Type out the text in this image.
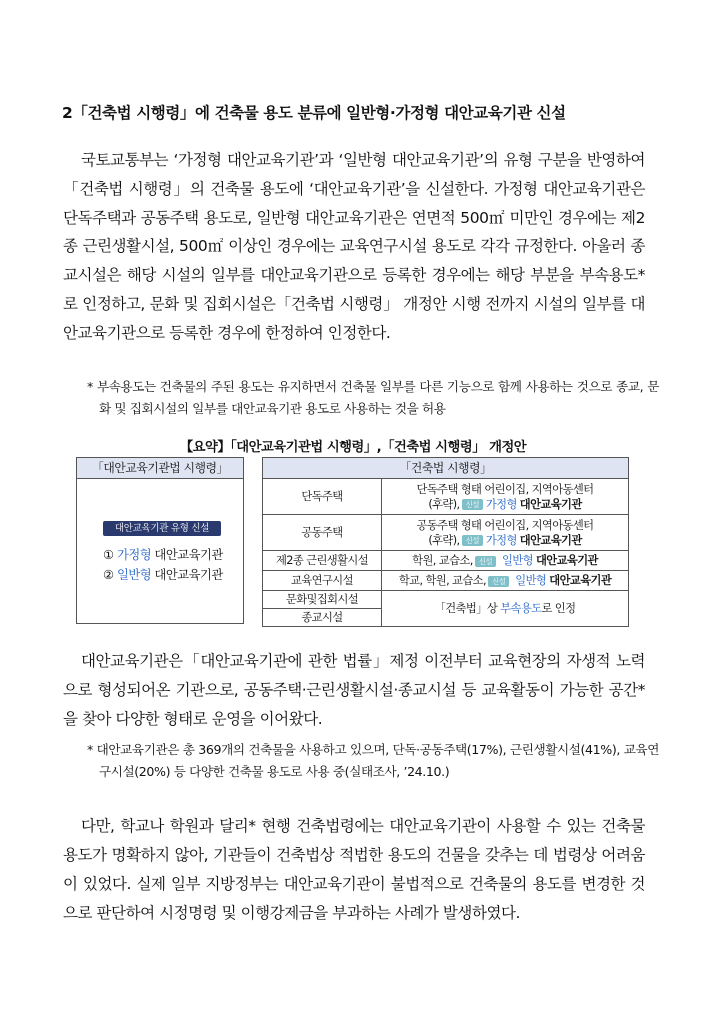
2「건축법 시행령」에 건축물 용도 분류에 일반형·가정형 대안교육기관 신설
국토교통부는 ‘가정형 대안교육기관’과 ‘일반형 대안교육기관’의 유형 구분을 반영하여「건축법 시행령」의 건축물 용도에 ‘대안교육기관’을 신설한다. 가정형 대안교육기관은 단독주택과 공동주택 용도로, 일반형 대안교육기관은 연면적 500㎡ 미만인 경우에는 제2종 근린생활시설, 500㎡ 이상인 경우에는 교육연구시설 용도로 각각 규정한다. 아울러 종교시설은 해당 시설의 일부를 대안교육기관으로 등록한 경우에는 해당 부분을 부속용도*로 인정하고, 문화 및 집회시설은「건축법 시행령」 개정안 시행 전까지 시설의 일부를 대안교육기관으로 등록한 경우에 한정하여 인정한다.
* 부속용도는 건축물의 주된 용도는 유지하면서 건축물 일부를 다른 기능으로 함께 사용하는 것으로 종교, 문화 및 집회시설의 일부를 대안교육기관 용도로 사용하는 것을 허용
【요약】「대안교육기관법 시행령」,「건축법 시행령」 개정안
「대안교육기관법 시행령」
대안교육기관 유형 신설
① 가정형 대안교육기관
② 일반형 대안교육기관
「건축법 시행령」
단독주택	단독주택 형태 어린이집, 지역아동센터
(후략), 신설 가정형 대안교육기관

공동주택	공동주택 형태 어린이집, 지역아동센터
(후략), 신설 가정형 대안교육기관

제2종 근린생활시설	학원, 교습소, 신설 일반형 대안교육기관
교육연구시설	학교, 학원, 교습소, 신설 일반형 대안교육기관
문화및집회시설	「건축법」상 부속용도로 인정
종교시설	
대안교육기관은「대안교육기관에 관한 법률」제정 이전부터 교육현장의 자생적 노력으로 형성되어온 기관으로, 공동주택·근린생활시설·종교시설 등 교육활동이 가능한 공간*을 찾아 다양한 형태로 운영을 이어왔다.
* 대안교육기관은 총 369개의 건축물을 사용하고 있으며, 단독·공동주택(17%), 근린생활시설(41%), 교육연구시설(20%) 등 다양한 건축물 용도로 사용 중(실태조사, ’24.10.)
다만, 학교나 학원과 달리* 현행 건축법령에는 대안교육기관이 사용할 수 있는 건축물 용도가 명확하지 않아, 기관들이 건축법상 적법한 용도의 건물을 갖추는 데 법령상 어려움이 있었다. 실제 일부 지방정부는 대안교육기관이 불법적으로 건축물의 용도를 변경한 것으로 판단하여 시정명령 및 이행강제금을 부과하는 사례가 발생하였다.
